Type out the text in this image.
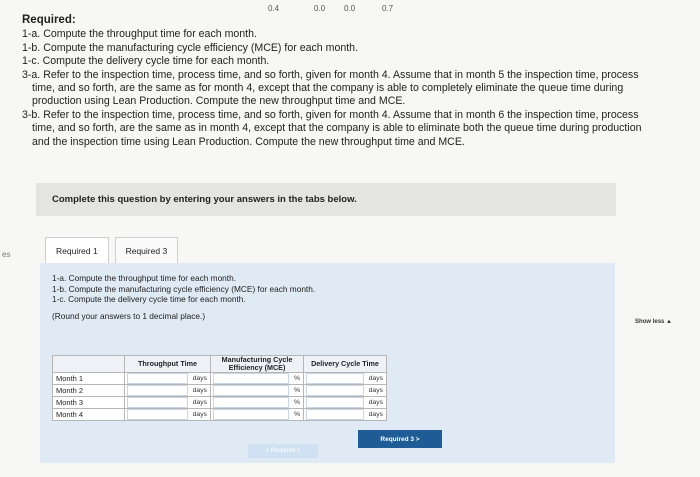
0.4	0.0 0.0	0.7
Required:

1-a. Compute the throughput time for each month.

1-b. Compute the manufacturing cycle efficiency (MCE) for each month.

1-c. Compute the delivery cycle time for each month.

3-a. Refer to the inspection time, process time, and so forth, given for month 4. Assume that in month 5 the inspection time, process

time, and so forth, are the same as for month 4, except that the company is able to completely eliminate the queue time during

production using Lean Production. Compute the new throughput time and MCE.

3-b. Refer to the inspection time, process time, and so forth, given for month 4. Assume that in month 6 the inspection time, process

time, and so forth, are the same as in month 4, except that the company is able to eliminate both the queue time during production

and the inspection time using Lean Production. Compute the new throughput time and MCE.

es
Complete this question by entering your answers in the tabs below.
Required 1	Required 3
1-a. Compute the throughput time for each month.
1-b. Compute the manufacturing cycle efficiency (MCE) for each month.
1-c. Compute the delivery cycle time for each month.
(Round your answers to 1 decimal place.)
Show less ▲
	Throughput Time	Manufacturing Cycle Efficiency (MCE)	Delivery Cycle Time
Month 1	days	%	days

Month 2	days	%	days

Month 3	days	%	days

Month 4	days	%	days
< Required 1
Required 3 >
